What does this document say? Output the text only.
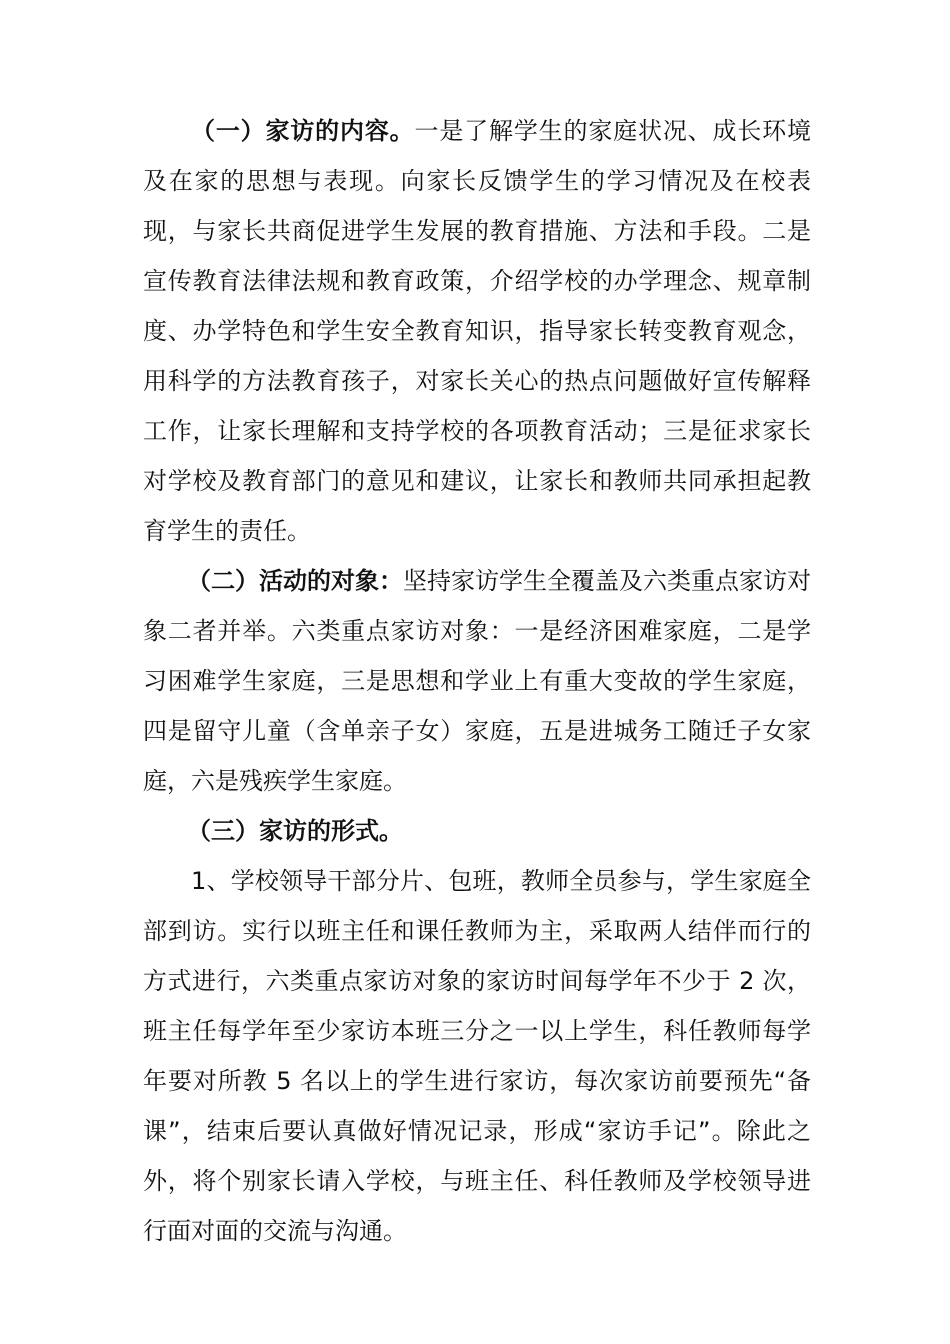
（一）家访的内容。一是了解学生的家庭状况、成长环境及在家的思想与表现。向家长反馈学生的学习情况及在校表现，与家长共商促进学生发展的教育措施、方法和手段。二是宣传教育法律法规和教育政策，介绍学校的办学理念、规章制度、办学特色和学生安全教育知识，指导家长转变教育观念，用科学的方法教育孩子，对家长关心的热点问题做好宣传解释工作，让家长理解和支持学校的各项教育活动；三是征求家长对学校及教育部门的意见和建议，让家长和教师共同承担起教育学生的责任。

（二）活动的对象：坚持家访学生全覆盖及六类重点家访对象二者并举。六类重点家访对象：一是经济困难家庭，二是学习困难学生家庭，三是思想和学业上有重大变故的学生家庭，四是留守儿童（含单亲子女）家庭，五是进城务工随迁子女家庭，六是残疾学生家庭。

（三）家访的形式。

1、学校领导干部分片、包班，教师全员参与，学生家庭全部到访。实行以班主任和课任教师为主，采取两人结伴而行的方式进行，六类重点家访对象的家访时间每学年不少于 2 次，班主任每学年至少家访本班三分之一以上学生，科任教师每学年要对所教 5 名以上的学生进行家访，每次家访前要预先“备课”，结束后要认真做好情况记录，形成“家访手记”。除此之外，将个别家长请入学校，与班主任、科任教师及学校领导进行面对面的交流与沟通。
